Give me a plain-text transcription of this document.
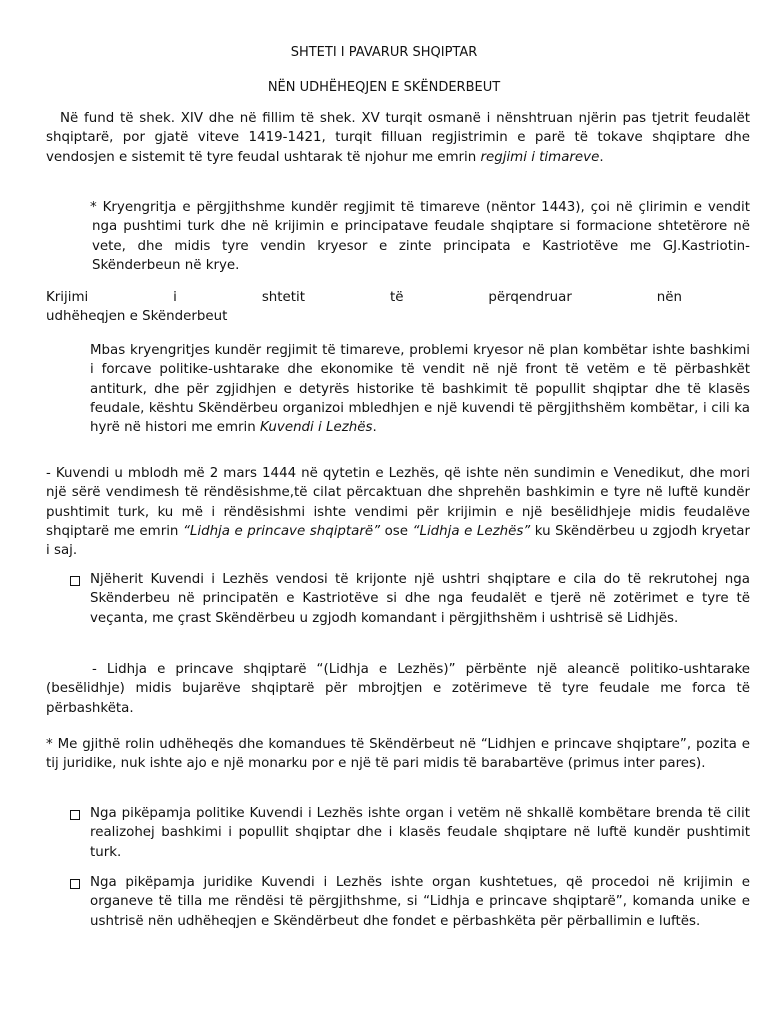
SHTETI I PAVARUR SHQIPTAR
NËN UDHËHEQJEN E SKËNDERBEUT

Në fund të shek. XIV dhe në fillim të shek. XV turqit osmanë i nënshtruan njërin pas tjetrit feudalët shqiptarë, por gjatë viteve 1419-1421, turqit filluan regjistrimin e parë të tokave shqiptare dhe vendosjen e sistemit të tyre feudal ushtarak të njohur me emrin regjimi i timareve.

* Kryengritja e përgjithshme kundër regjimit të timareve (nëntor 1443), çoi në çlirimin e vendit nga pushtimi turk dhe në krijimin e principatave feudale shqiptare si formacione shtetërore në vete, dhe midis tyre vendin kryesor e zinte principata e Kastriotëve me GJ.Kastriotin- Skënderbeun në krye.

Krijimi	i	shtetit	të	përqendruar	nën
udhëheqjen e Skënderbeut

Mbas kryengritjes kundër regjimit të timareve, problemi kryesor në plan kombëtar ishte bashkimi i forcave politike-ushtarake dhe ekonomike të vendit në një front të vetëm e të përbashkët antiturk, dhe për zgjidhjen e detyrës historike të bashkimit të popullit shqiptar dhe të klasës feudale, kështu Skëndërbeu organizoi mbledhjen e një kuvendi të përgjithshëm kombëtar, i cili ka hyrë në histori me emrin Kuvendi i Lezhës.

- Kuvendi u mblodh më 2 mars 1444 në qytetin e Lezhës, që ishte nën sundimin e Venedikut, dhe mori një sërë vendimesh të rëndësishme,të cilat përcaktuan dhe shprehën bashkimin e tyre në luftë kundër pushtimit turk, ku më i rëndësishmi ishte vendimi për krijimin e një besëlidhjeje midis feudalëve shqiptarë me emrin “Lidhja e princave shqiptarë” ose “Lidhja e Lezhës” ku Skëndërbeu u zgjodh kryetar i saj.

Njëherit Kuvendi i Lezhës vendosi të krijontе një ushtri shqiptare e cila do të rekrutohej nga Skënderbeu në principatën e Kastriotëve si dhe nga feudalët e tjerë në zotërimet e tyre të veçanta, me çrast Skëndërbeu u zgjodh komandant i përgjithshëm i ushtrisë së Lidhjës.

- Lidhja e princave shqiptarë “(Lidhja e Lezhës)” përbënte një aleancë politiko-ushtarake (besëlidhje) midis bujarëve shqiptarë për mbrojtjen e zotërimeve të tyre feudale me forca të përbashkëta.

* Me gjithë rolin udhëheqës dhe komandues të Skëndërbeut në “Lidhjen e princave shqiptare”, pozita e tij juridike, nuk ishte ajo e një monarku por e një të pari midis të barabartëve (primus inter pares).

Nga pikëpamja politike Kuvendi i Lezhës ishte organ i vetëm në shkallë kombëtare brenda të cilit realizohej bashkimi i popullit shqiptar dhe i klasës feudale shqiptare në luftë kundër pushtimit turk.

Nga pikëpamja juridike Kuvendi i Lezhës ishte organ kushtetues, që procedoi në krijimin e organeve të tilla me rëndësi të përgjithshme, si “Lidhja e princave shqiptarë”, komanda unike e ushtrisë nën udhëheqjen e Skëndërbeut dhe fondet e përbashkëta për përballimin e luftës.
